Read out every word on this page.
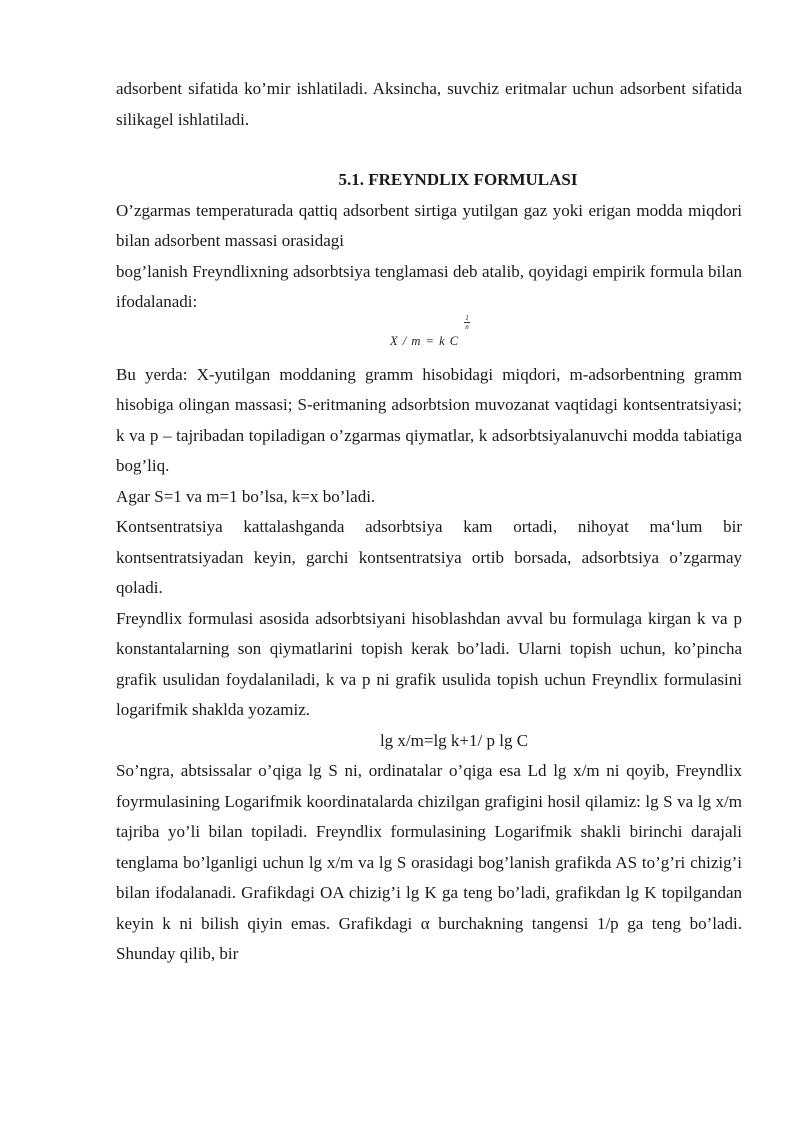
adsorbent sifatida ko’mir ishlatiladi. Aksincha, suvchiz eritmalar uchun adsorbent sifatida silikagel ishlatiladi.

5.1. FREYNDLIX FORMULASI

O’zgarmas temperaturada qattiq adsorbent sirtiga yutilgan gaz yoki erigan modda miqdori bilan adsorbent massasi orasidagi

bog’lanish Freyndlixning adsorbtsiya tenglamasi deb atalib, qoyidagi empirik formula bilan ifodalanadi:

X / m = k C
1
n

Bu yerda: X-yutilgan moddaning gramm hisobidagi miqdori, m-adsorbentning gramm hisobiga olingan massasi; S-eritmaning adsorbtsion muvozanat vaqtidagi kontsentratsiyasi; k va p – tajribadan topiladigan o’zgarmas qiymatlar, k adsorbtsiyalanuvchi modda tabiatiga bog’liq.

Agar S=1 va m=1 bo’lsa, k=x bo’ladi.

Kontsentratsiya kattalashganda adsorbtsiya kam ortadi, nihoyat ma‘lum bir kontsentratsiyadan keyin, garchi kontsentratsiya ortib borsada, adsorbtsiya o’zgarmay qoladi.

Freyndlix formulasi asosida adsorbtsiyani hisoblashdan avval bu formulaga kirgan k va p konstantalarning son qiymatlarini topish kerak bo’ladi. Ularni topish uchun, ko’pincha grafik usulidan foydalaniladi, k va p ni grafik usulida topish uchun Freyndlix formulasini logarifmik shaklda yozamiz.

lg x/m=lg k+1/ p lg C

So’ngra, abtsissalar o’qiga lg S ni, ordinatalar o’qiga esa Ld lg x/m ni qoyib, Freyndlix foyrmulasining Logarifmik koordinatalarda chizilgan grafigini hosil qilamiz: lg S va lg x/m tajriba yo’li bilan topiladi. Freyndlix formulasining Logarifmik shakli birinchi darajali tenglama bo’lganligi uchun lg x/m va lg S orasidagi bog’lanish grafikda AS to’g’ri chizig’i bilan ifodalanadi. Grafikdagi OA chizig’i lg K ga teng bo’ladi, grafikdan lg K topilgandan keyin k ni bilish qiyin emas. Grafikdagi α burchakning tangensi 1/p ga teng bo’ladi. Shunday qilib, bir
